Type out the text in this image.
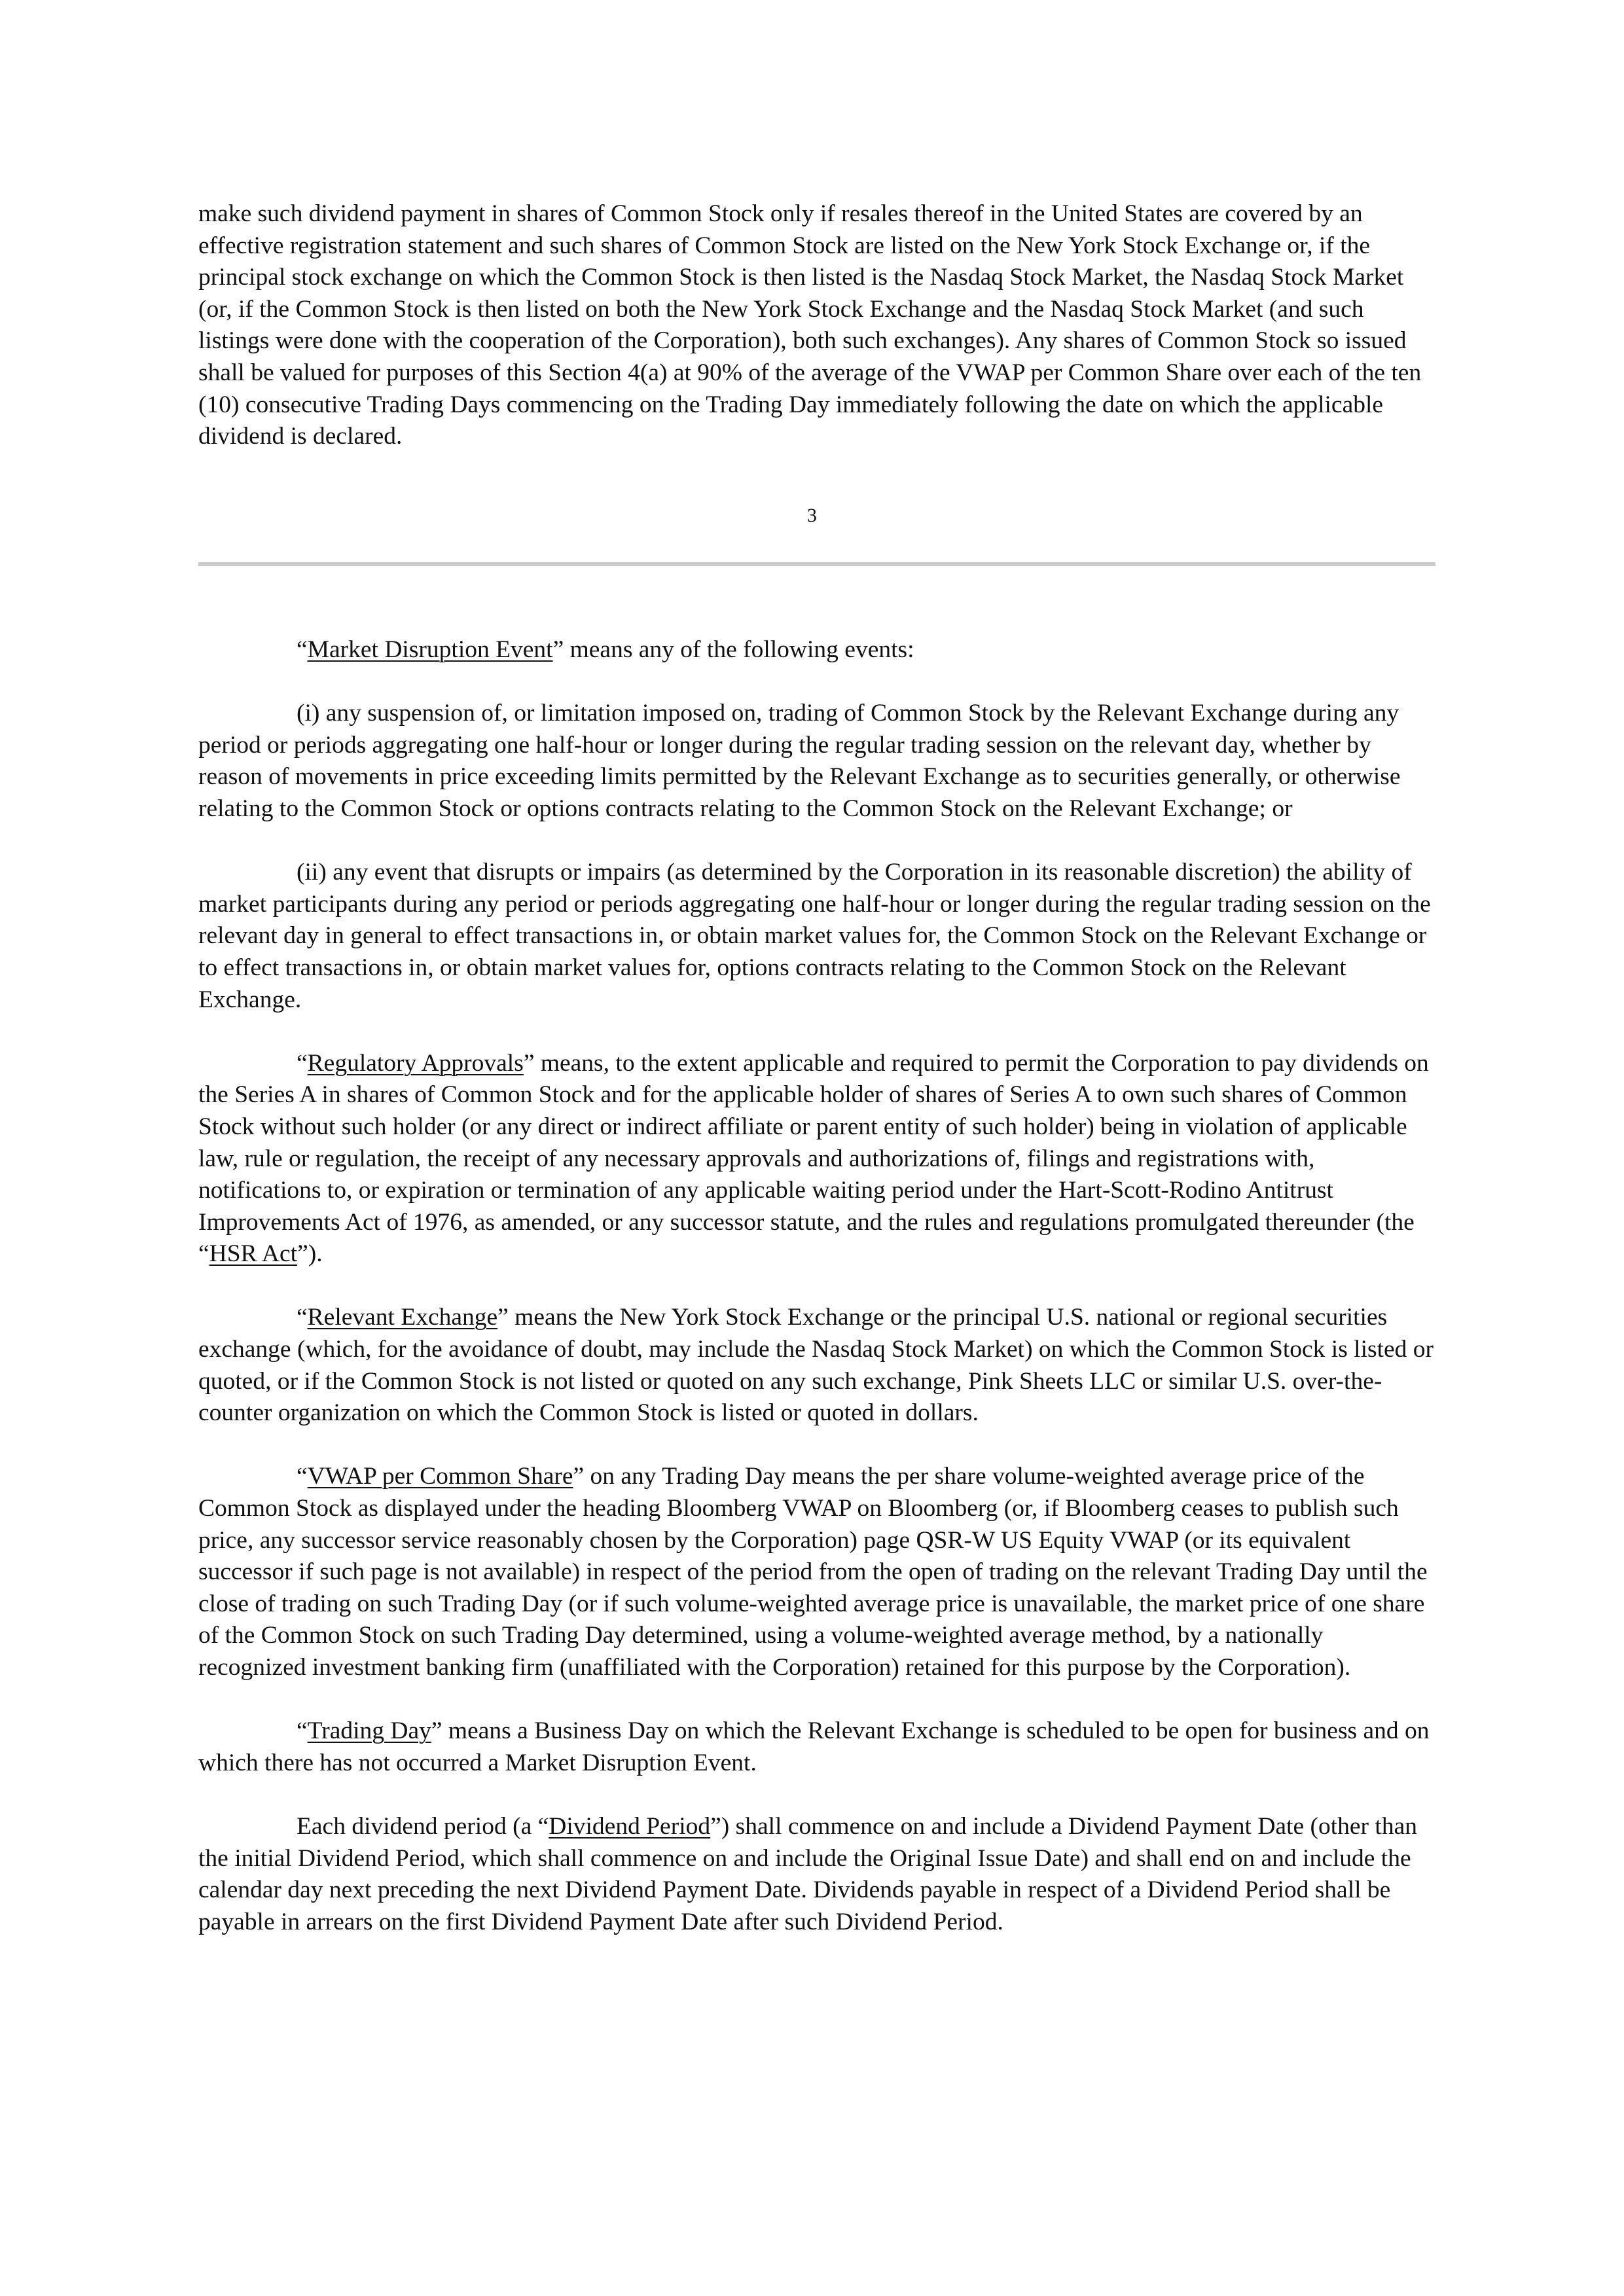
make such dividend payment in shares of Common Stock only if resales thereof in the United States are covered by an effective registration statement and such shares of Common Stock are listed on the New York Stock Exchange or, if the principal stock exchange on which the Common Stock is then listed is the Nasdaq Stock Market, the Nasdaq Stock Market (or, if the Common Stock is then listed on both the New York Stock Exchange and the Nasdaq Stock Market (and such listings were done with the cooperation of the Corporation), both such exchanges). Any shares of Common Stock so issued shall be valued for purposes of this Section 4(a) at 90% of the average of the VWAP per Common Share over each of the ten (10) consecutive Trading Days commencing on the Trading Day immediately following the date on which the applicable dividend is declared.

3

“Market Disruption Event” means any of the following events:

(i) any suspension of, or limitation imposed on, trading of Common Stock by the Relevant Exchange during any period or periods aggregating one half-hour or longer during the regular trading session on the relevant day, whether by reason of movements in price exceeding limits permitted by the Relevant Exchange as to securities generally, or otherwise relating to the Common Stock or options contracts relating to the Common Stock on the Relevant Exchange; or

(ii) any event that disrupts or impairs (as determined by the Corporation in its reasonable discretion) the ability of market participants during any period or periods aggregating one half-hour or longer during the regular trading session on the relevant day in general to effect transactions in, or obtain market values for, the Common Stock on the Relevant Exchange or to effect transactions in, or obtain market values for, options contracts relating to the Common Stock on the Relevant Exchange.

“Regulatory Approvals” means, to the extent applicable and required to permit the Corporation to pay dividends on the Series A in shares of Common Stock and for the applicable holder of shares of Series A to own such shares of Common Stock without such holder (or any direct or indirect affiliate or parent entity of such holder) being in violation of applicable law, rule or regulation, the receipt of any necessary approvals and authorizations of, filings and registrations with, notifications to, or expiration or termination of any applicable waiting period under the Hart-Scott-Rodino Antitrust Improvements Act of 1976, as amended, or any successor statute, and the rules and regulations promulgated thereunder (the “HSR Act”).

“Relevant Exchange” means the New York Stock Exchange or the principal U.S. national or regional securities exchange (which, for the avoidance of doubt, may include the Nasdaq Stock Market) on which the Common Stock is listed or quoted, or if the Common Stock is not listed or quoted on any such exchange, Pink Sheets LLC or similar U.S. over-the-counter organization on which the Common Stock is listed or quoted in dollars.

“VWAP per Common Share” on any Trading Day means the per share volume-weighted average price of the Common Stock as displayed under the heading Bloomberg VWAP on Bloomberg (or, if Bloomberg ceases to publish such price, any successor service reasonably chosen by the Corporation) page QSR-W US Equity VWAP (or its equivalent successor if such page is not available) in respect of the period from the open of trading on the relevant Trading Day until the close of trading on such Trading Day (or if such volume-weighted average price is unavailable, the market price of one share of the Common Stock on such Trading Day determined, using a volume-weighted average method, by a nationally recognized investment banking firm (unaffiliated with the Corporation) retained for this purpose by the Corporation).

“Trading Day” means a Business Day on which the Relevant Exchange is scheduled to be open for business and on which there has not occurred a Market Disruption Event.

Each dividend period (a “Dividend Period”) shall commence on and include a Dividend Payment Date (other than the initial Dividend Period, which shall commence on and include the Original Issue Date) and shall end on and include the calendar day next preceding the next Dividend Payment Date. Dividends payable in respect of a Dividend Period shall be payable in arrears on the first Dividend Payment Date after such Dividend Period.
